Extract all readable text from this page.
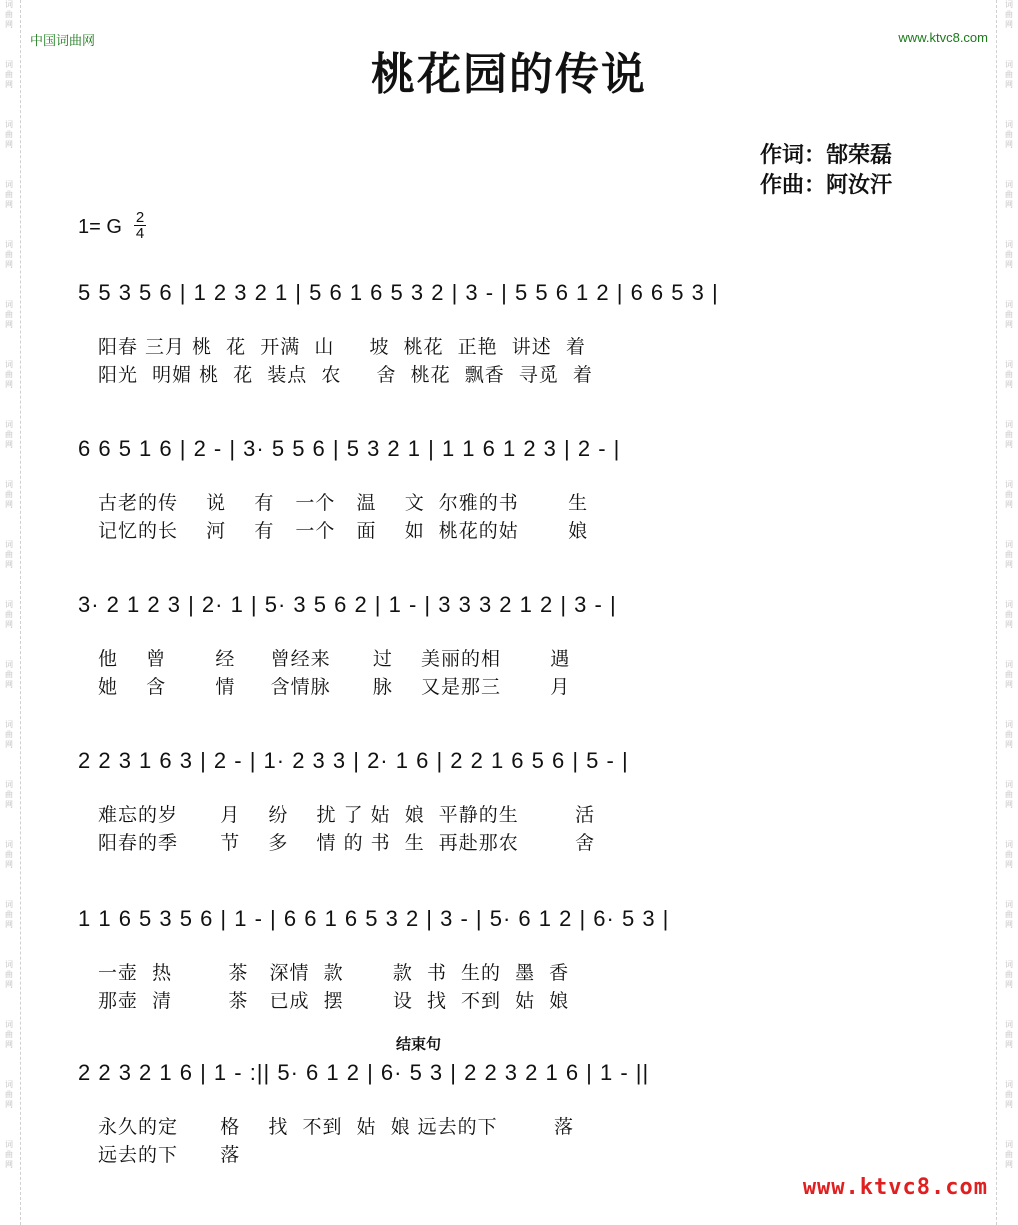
词
曲
网
词
曲
网
词
曲
网
词
曲
网
词
曲
网
词
曲
网
词
曲
网
词
曲
网
词
曲
网
词
曲
网
词
曲
网
词
曲
网
词
曲
网
词
曲
网
词
曲
网
词
曲
网
词
曲
网
词
曲
网
词
曲
网
词
曲
网
词
曲
网
词
曲
网
词
曲
网
词
曲
网
词
曲
网
词
曲
网
词
曲
网
词
曲
网
词
曲
网
词
曲
网
词
曲
网
词
曲
网
词
曲
网
词
曲
网
词
曲
网
词
曲
网
词
曲
网
词
曲
网
词
曲
网
词
曲
网
中国词曲网	www.ktvc8.com
桃花园的传说
作词：郜荣磊
作曲：阿汝汗
1= G 2
4
5 5 3 5 6 | 1 2 3 2 1 | 5 6 1 6 5 3 2 | 3 - | 5 5 6 1 2 | 6 6 5 3 |
阳春 三月 桃  花  开满  山     坡  桃花  正艳  讲述  着
阳光  明媚 桃  花  装点  农     舍  桃花  飘香  寻觅  着
6 6 5 1 6 | 2 - | 3· 5 5 6 | 5 3 2 1 | 1 1 6 1 2 3 | 2 - |
古老的传    说    有   一个   温    文  尔雅的书       生
记忆的长    河    有   一个   面    如  桃花的姑       娘
3· 2 1 2 3 | 2· 1 | 5· 3 5 6 2 | 1 - | 3 3 3 2 1 2 | 3 - |
他    曾       经     曾经来      过    美丽的相       遇
她    含       情     含情脉      脉    又是那三       月
2 2 3 1 6 3 | 2 - | 1· 2 3 3 | 2· 1 6 | 2 2 1 6 5 6 | 5 - |
难忘的岁      月    纷    扰 了 姑  娘  平静的生        活
阳春的季      节    多    情 的 书  生  再赴那农        舍
1 1 6 5 3 5 6 | 1 - | 6 6 1 6 5 3 2 | 3 - | 5· 6 1 2 | 6· 5 3 |
一壶  热        茶   深情  款       款  书  生的  墨  香
那壶  清        茶   已成  摆       设  找  不到  姑  娘
结束句
2 2 3 2 1 6 | 1 - :|| 5· 6 1 2 | 6· 5 3 | 2 2 3 2 1 6 | 1 - ||
永久的定      格    找  不到  姑  娘 远去的下        落
远去的下      落
www.ktvc8.com
